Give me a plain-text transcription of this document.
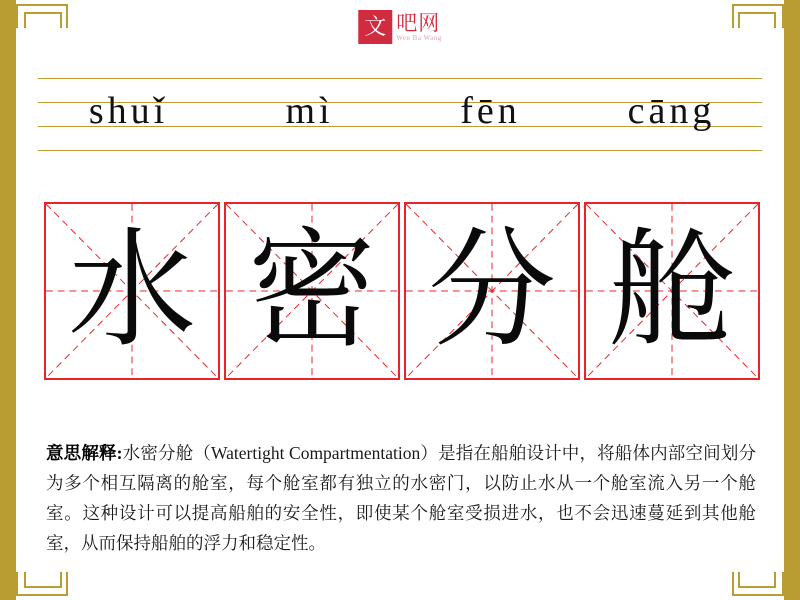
文 吧网
Wen Ba Wang
shuǐ	mì	fēn	cāng
水 密 分 舱
意思解释:水密分舱（Watertight Compartmentation）是指在船舶设计中，将船体内部空间划分为多个相互隔离的舱室，每个舱室都有独立的水密门，以防止水从一个舱室流入另一个舱室。这种设计可以提高船舶的安全性，即使某个舱室受损进水，也不会迅速蔓延到其他舱室，从而保持船舶的浮力和稳定性。
